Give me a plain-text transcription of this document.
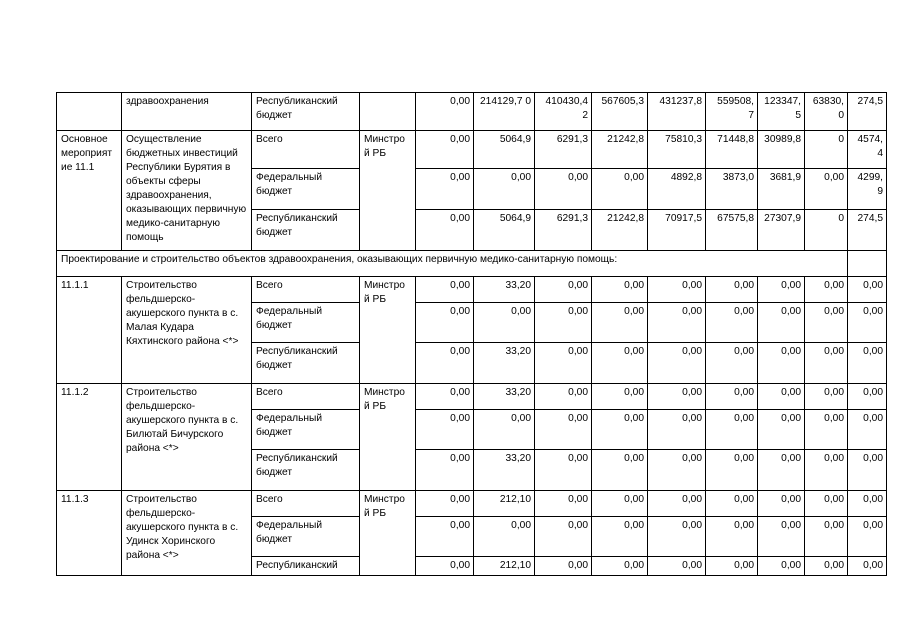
	здравоохранения	Республиканский бюджет		0,00	214129,7 0	410430,4 2	567605,3	431237,8	559508, 7	123347, 5	63830,0	274,5
Основное мероприят ие 11.1	Осуществление бюджетных инвестиций Республики Бурятия в объекты сферы здравоохранения, оказывающих первичную медико-санитарную помощь	Всего	Минстро й РБ	0,00	5064,9	6291,3	21242,8	75810,3	71448,8	30989,8	0	4574, 4
		Федеральный бюджет		0,00	0,00	0,00	0,00	4892,8	3873,0	3681,9	0,00	4299, 9
		Республиканский бюджет		0,00	5064,9	6291,3	21242,8	70917,5	67575,8	27307,9	0	274,5
Проектирование и строительство объектов здравоохранения, оказывающих первичную медико-санитарную помощь:												
11.1.1	Строительство фельдшерско-акушерского пункта в с. Малая Кудара Кяхтинского района <*>	Всего	Минстро й РБ	0,00	33,20	0,00	0,00	0,00	0,00	0,00	0,00	0,00
		Федеральный бюджет		0,00	0,00	0,00	0,00	0,00	0,00	0,00	0,00	0,00
		Республиканский бюджет		0,00	33,20	0,00	0,00	0,00	0,00	0,00	0,00	0,00
11.1.2	Строительство фельдшерско-акушерского пункта в с. Билютай Бичурского района <*>	Всего	Минстро й РБ	0,00	33,20	0,00	0,00	0,00	0,00	0,00	0,00	0,00
		Федеральный бюджет		0,00	0,00	0,00	0,00	0,00	0,00	0,00	0,00	0,00
		Республиканский бюджет		0,00	33,20	0,00	0,00	0,00	0,00	0,00	0,00	0,00
11.1.3	Строительство фельдшерско-акушерского пункта в с. Удинск Хоринского района <*>	Всего	Минстро й РБ	0,00	212,10	0,00	0,00	0,00	0,00	0,00	0,00	0,00
		Федеральный бюджет		0,00	0,00	0,00	0,00	0,00	0,00	0,00	0,00	0,00
		Республиканский		0,00	212,10	0,00	0,00	0,00	0,00	0,00	0,00	0,00
